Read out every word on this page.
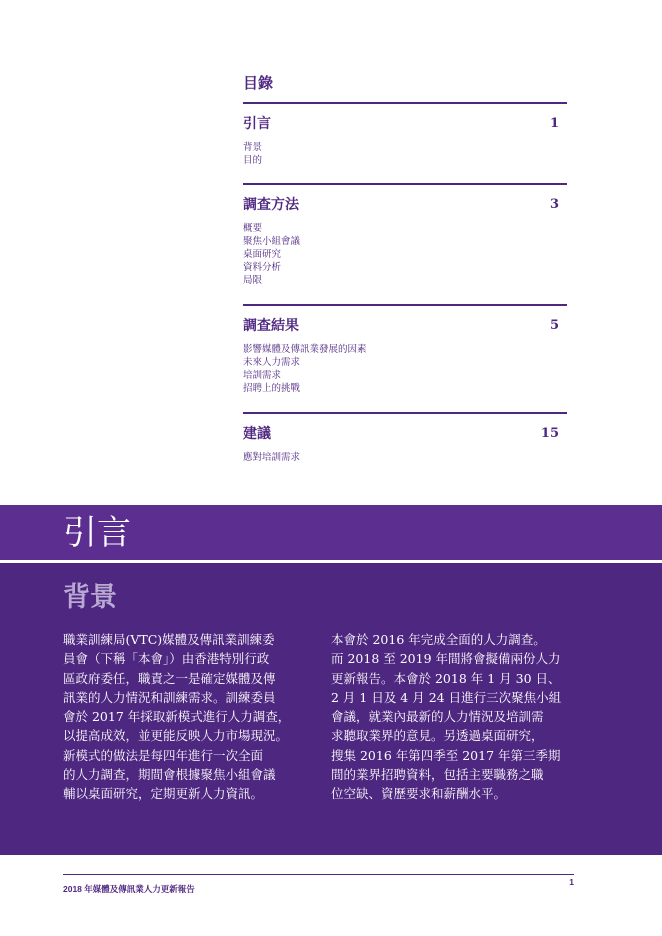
目錄
引言	1
背景
目的
調查方法	3
概要
聚焦小組會議
桌面研究
資料分析
局限
調查結果	5
影響媒體及傳訊業發展的因素
未來人力需求
培訓需求
招聘上的挑戰
建議	15
應對培訓需求
引言
背景
職業訓練局(VTC)媒體及傳訊業訓練委
員會（下稱「本會」）由香港特別行政
區政府委任，職責之一是確定媒體及傳
訊業的人力情況和訓練需求。訓練委員
會於 2017 年採取新模式進行人力調查，
以提高成效，並更能反映人力市場現況。
新模式的做法是每四年進行一次全面
的人力調查，期間會根據聚焦小組會議
輔以桌面研究，定期更新人力資訊。
本會於 2016 年完成全面的人力調查。
而 2018 至 2019 年間將會擬備兩份人力
更新報告。本會於 2018 年 1 月 30 日、
2 月 1 日及 4 月 24 日進行三次聚焦小組
會議，就業內最新的人力情況及培訓需
求聽取業界的意見。另透過桌面研究，
搜集 2016 年第四季至 2017 年第三季期
間的業界招聘資料，包括主要職務之職
位空缺、資歷要求和薪酬水平。
2018 年媒體及傳訊業人力更新報告
1
